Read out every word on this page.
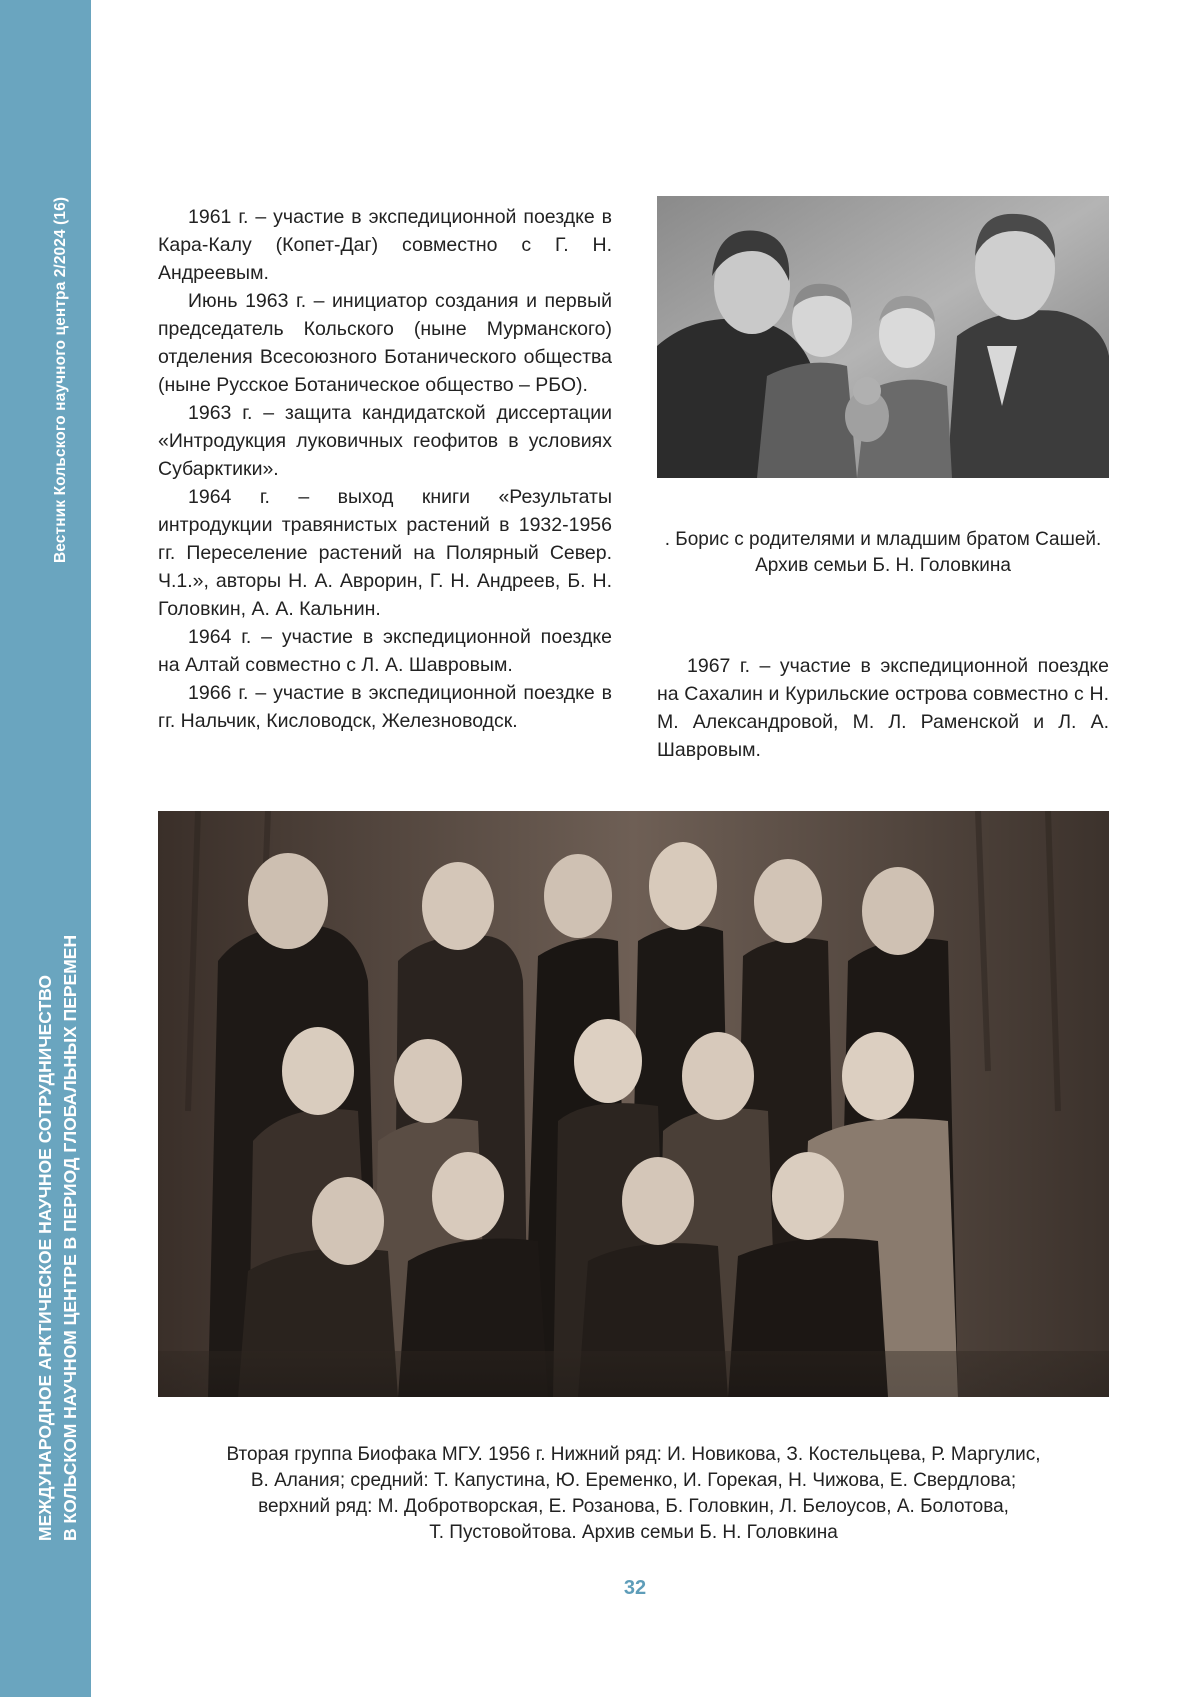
Вестник Кольского научного центра 2/2024 (16)
МЕЖДУНАРОДНОЕ АРКТИЧЕСКОЕ НАУЧНОЕ СОТРУДНИЧЕСТВО В КОЛЬСКОМ НАУЧНОМ ЦЕНТРЕ В ПЕРИОД ГЛОБАЛЬНЫХ ПЕРЕМЕН

1961 г. – участие в экспедиционной поездке в Кара-Калу (Копет-Даг) совместно с Г. Н. Андреевым.

Июнь 1963 г. – инициатор создания и первый председатель Кольского (ныне Мурманского) отделения Всесоюзного Ботанического общества (ныне Русское Ботаническое общество – РБО).

1963 г. – защита кандидатской диссертации «Интродукция луковичных геофитов в условиях Субарктики».

1964 г. – выход книги «Результаты интродукции травянистых растений в 1932-1956 гг. Переселение растений на Полярный Север. Ч.1.», авторы Н. А. Аврорин, Г. Н. Андреев, Б. Н. Головкин, А. А. Кальнин.

1964 г. – участие в экспедиционной поездке на Алтай совместно с Л. А. Шавровым.

1966 г. – участие в экспедиционной поездке в гг. Нальчик, Кисловодск, Железноводск.

. Борис с родителями и младшим братом Сашей. Архив семьи Б. Н. Головкина

1967 г. – участие в экспедиционной поездке на Сахалин и Курильские острова совместно с Н. М. Александровой, М. Л. Раменской и Л. А. Шавровым.

Вторая группа Биофака МГУ. 1956 г. Нижний ряд: И. Новикова, З. Костельцева, Р. Маргулис,
В. Алания; средний: Т. Капустина, Ю. Еременко, И. Горекая, Н. Чижова, Е. Свердлова;
верхний ряд: М. Добротворская, Е. Розанова, Б. Головкин, Л. Белоусов, А. Болотова,
Т. Пустовойтова. Архив семьи Б. Н. Головкина
32
